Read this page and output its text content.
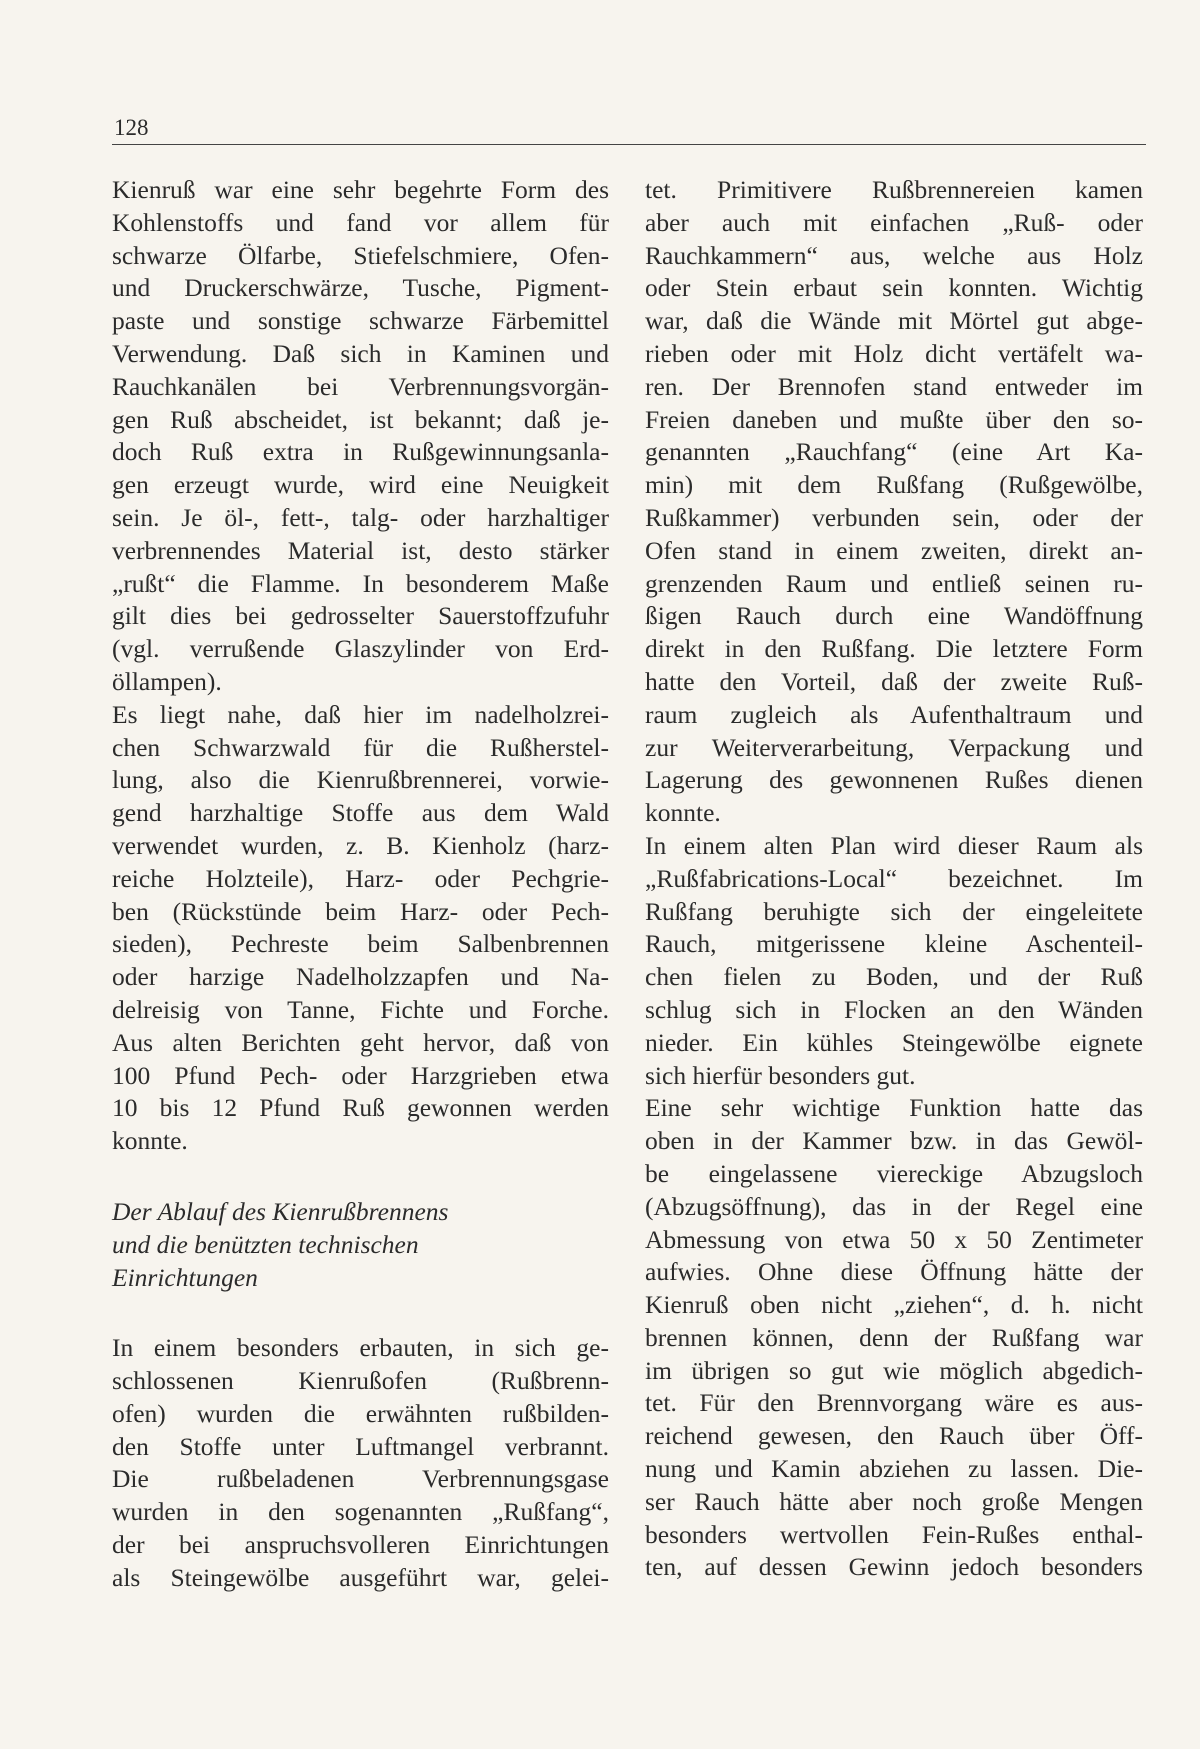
128
Kienruß war eine sehr begehrte Form des
Kohlenstoffs und fand vor allem für
schwarze Ölfarbe, Stiefelschmiere, Ofen-
und Druckerschwärze, Tusche, Pigment-
paste und sonstige schwarze Färbemittel
Verwendung. Daß sich in Kaminen und
Rauchkanälen bei Verbrennungsvorgän-
gen Ruß abscheidet, ist bekannt; daß je-
doch Ruß extra in Rußgewinnungsanla-
gen erzeugt wurde, wird eine Neuigkeit
sein. Je öl-, fett-, talg- oder harzhaltiger
verbrennendes Material ist, desto stärker
„rußt“ die Flamme. In besonderem Maße
gilt dies bei gedrosselter Sauerstoffzufuhr
(vgl. verrußende Glaszylinder von Erd-
öllampen).
Es liegt nahe, daß hier im nadelholzrei-
chen Schwarzwald für die Rußherstel-
lung, also die Kienrußbrennerei, vorwie-
gend harzhaltige Stoffe aus dem Wald
verwendet wurden, z. B. Kienholz (harz-
reiche Holzteile), Harz- oder Pechgrie-
ben (Rückstünde beim Harz- oder Pech-
sieden), Pechreste beim Salbenbrennen
oder harzige Nadelholzzapfen und Na-
delreisig von Tanne, Fichte und Forche.
Aus alten Berichten geht hervor, daß von
100 Pfund Pech- oder Harzgrieben etwa
10 bis 12 Pfund Ruß gewonnen werden
konnte.
Der Ablauf des Kienrußbrennens
und die benützten technischen
Einrichtungen
In einem besonders erbauten, in sich ge-
schlossenen Kienrußofen (Rußbrenn-
ofen) wurden die erwähnten rußbilden-
den Stoffe unter Luftmangel verbrannt.
Die rußbeladenen Verbrennungsgase
wurden in den sogenannten „Rußfang“,
der bei anspruchsvolleren Einrichtungen
als Steingewölbe ausgeführt war, gelei-
tet. Primitivere Rußbrennereien kamen
aber auch mit einfachen „Ruß- oder
Rauchkammern“ aus, welche aus Holz
oder Stein erbaut sein konnten. Wichtig
war, daß die Wände mit Mörtel gut abge-
rieben oder mit Holz dicht vertäfelt wa-
ren. Der Brennofen stand entweder im
Freien daneben und mußte über den so-
genannten „Rauchfang“ (eine Art Ka-
min) mit dem Rußfang (Rußgewölbe,
Rußkammer) verbunden sein, oder der
Ofen stand in einem zweiten, direkt an-
grenzenden Raum und entließ seinen ru-
ßigen Rauch durch eine Wandöffnung
direkt in den Rußfang. Die letztere Form
hatte den Vorteil, daß der zweite Ruß-
raum zugleich als Aufenthaltraum und
zur Weiterverarbeitung, Verpackung und
Lagerung des gewonnenen Rußes dienen
konnte.
In einem alten Plan wird dieser Raum als
„Rußfabrications-Local“ bezeichnet. Im
Rußfang beruhigte sich der eingeleitete
Rauch, mitgerissene kleine Aschenteil-
chen fielen zu Boden, und der Ruß
schlug sich in Flocken an den Wänden
nieder. Ein kühles Steingewölbe eignete
sich hierfür besonders gut.
Eine sehr wichtige Funktion hatte das
oben in der Kammer bzw. in das Gewöl-
be eingelassene viereckige Abzugsloch
(Abzugsöffnung), das in der Regel eine
Abmessung von etwa 50 x 50 Zentimeter
aufwies. Ohne diese Öffnung hätte der
Kienruß oben nicht „ziehen“, d. h. nicht
brennen können, denn der Rußfang war
im übrigen so gut wie möglich abgedich-
tet. Für den Brennvorgang wäre es aus-
reichend gewesen, den Rauch über Öff-
nung und Kamin abziehen zu lassen. Die-
ser Rauch hätte aber noch große Mengen
besonders wertvollen Fein-Rußes enthal-
ten, auf dessen Gewinn jedoch besonders
